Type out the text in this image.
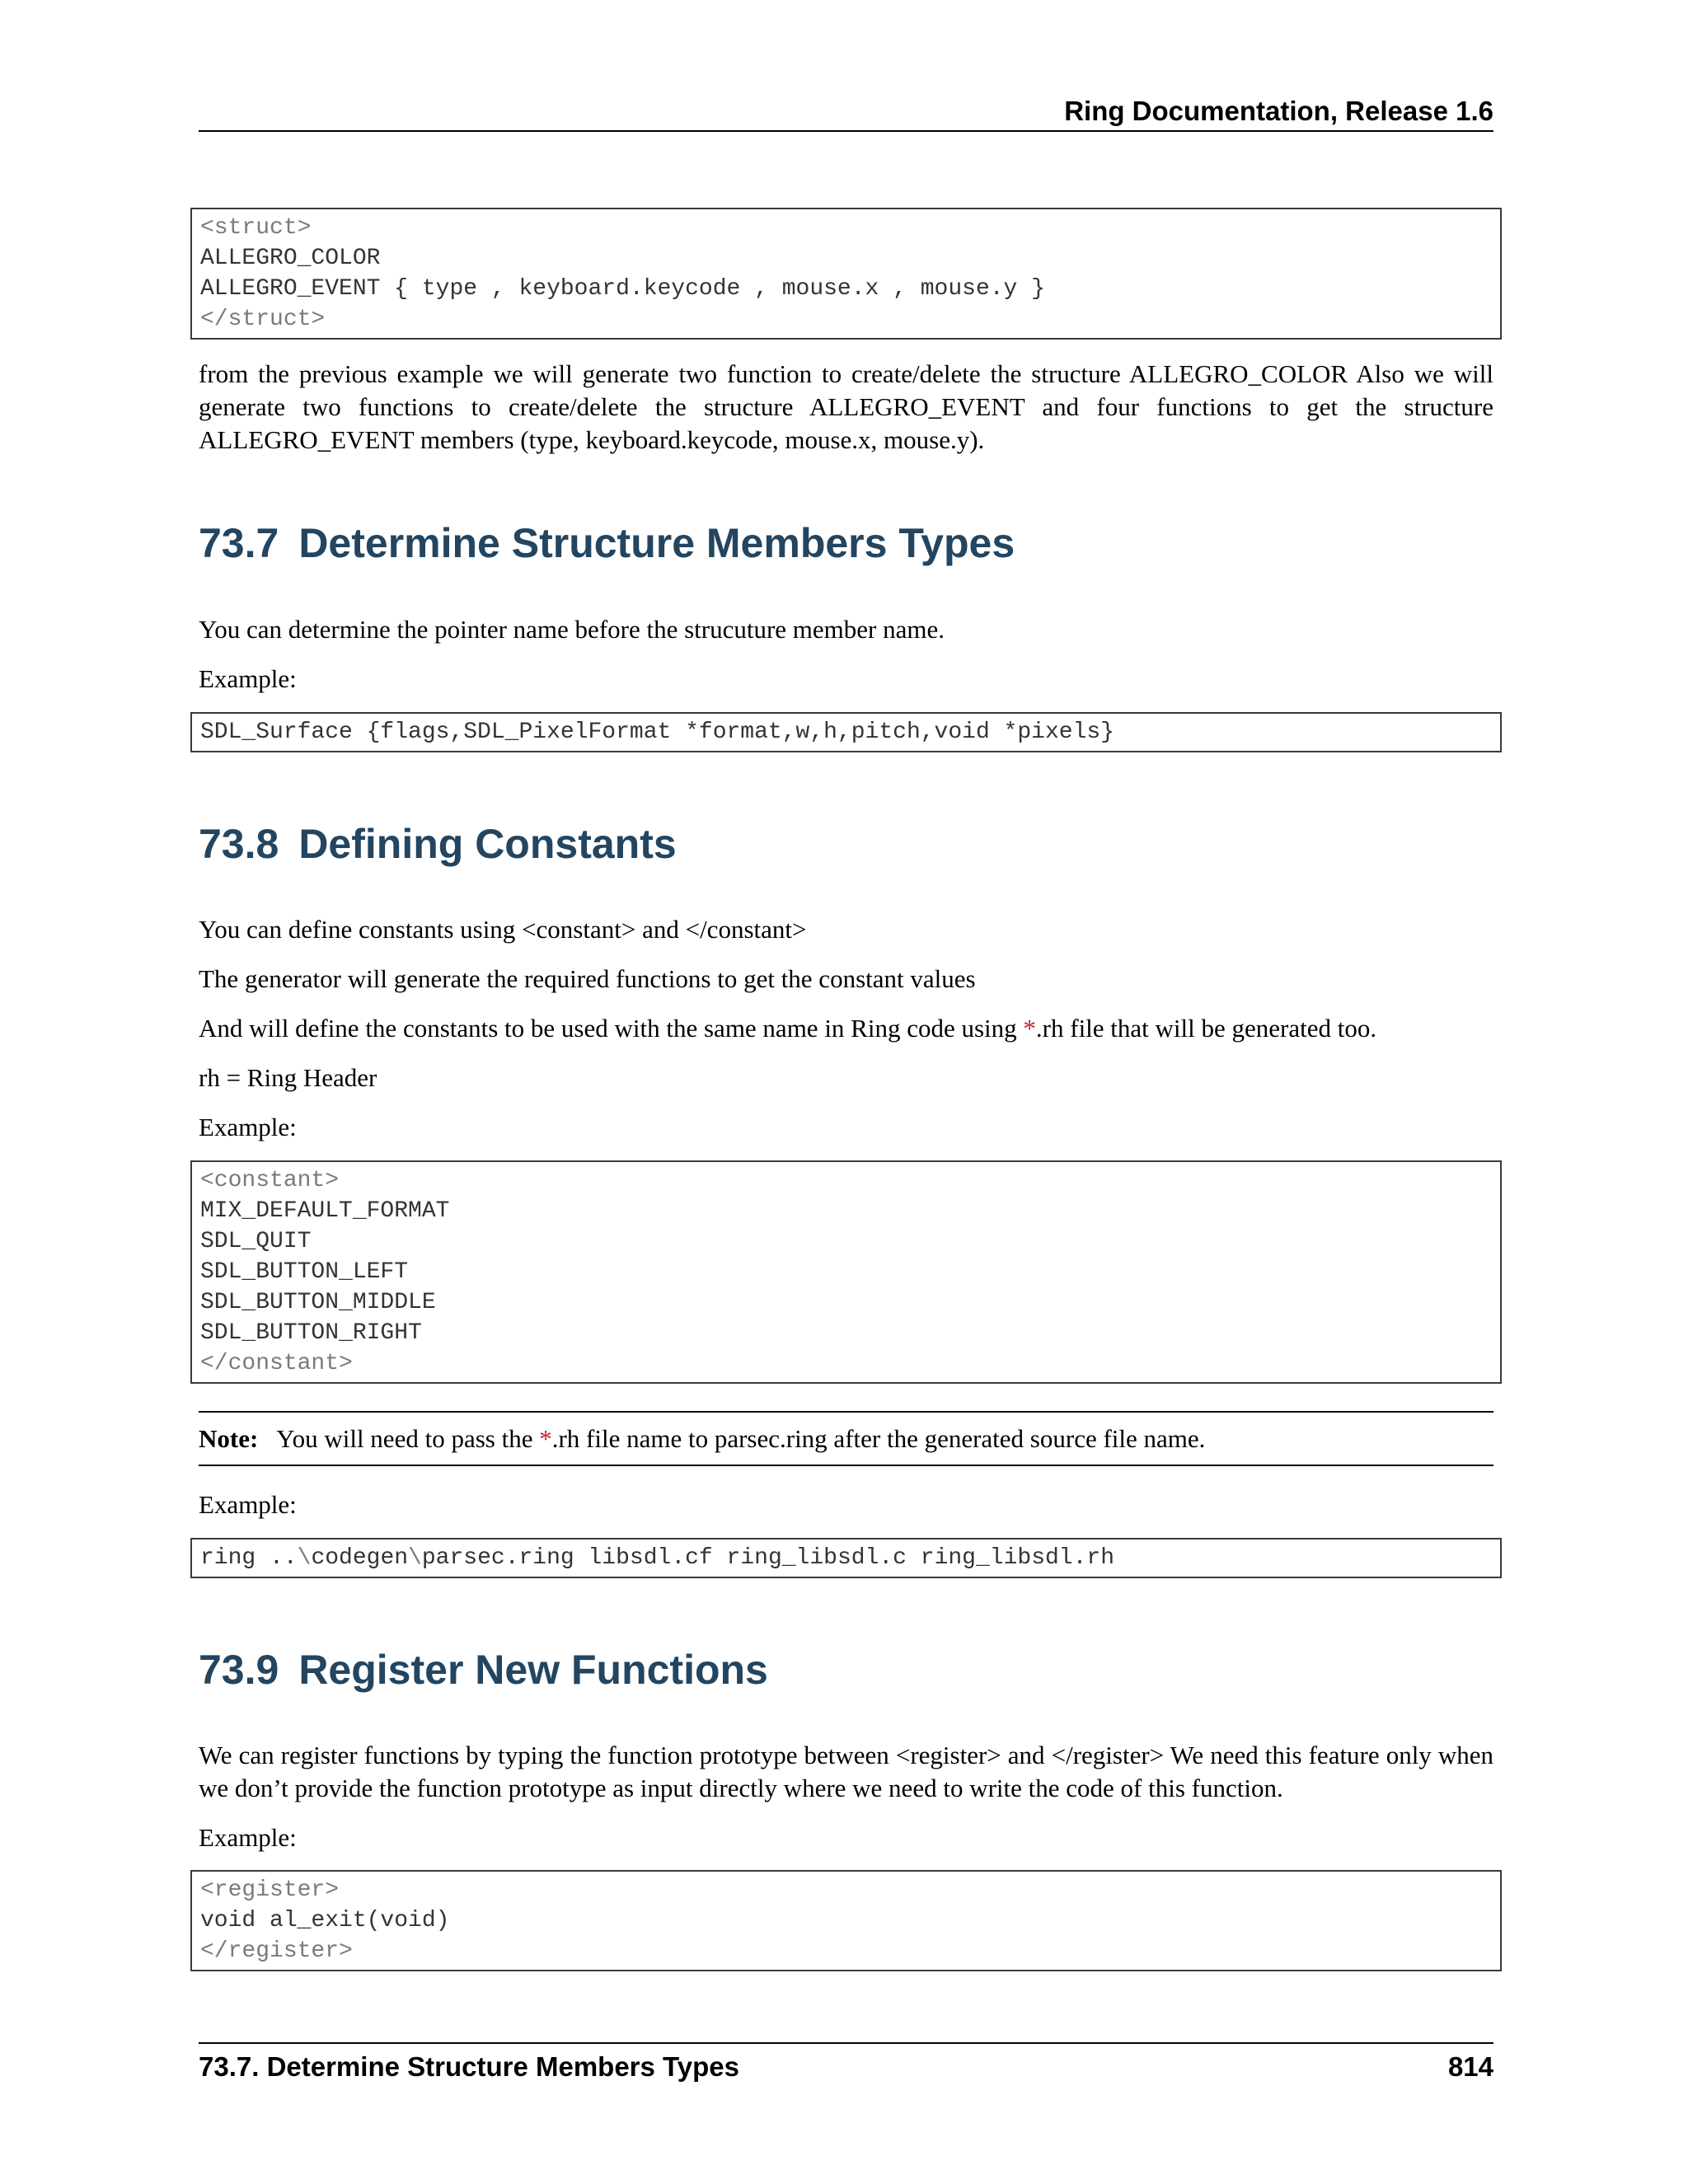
Ring Documentation, Release 1.6
<struct>
ALLEGRO_COLOR
ALLEGRO_EVENT { type , keyboard.keycode , mouse.x , mouse.y }
</struct>

from the previous example we will generate two function to create/delete the structure ALLEGRO_COLOR Also we will generate two functions to create/delete the structure ALLEGRO_EVENT and four functions to get the structure ALLEGRO_EVENT members (type, keyboard.keycode, mouse.x, mouse.y).

73.7 Determine Structure Members Types

You can determine the pointer name before the strucuture member name.

Example:

SDL_Surface {flags,SDL_PixelFormat *format,w,h,pitch,void *pixels}
73.8 Defining Constants

You can define constants using <constant> and </constant>

The generator will generate the required functions to get the constant values

And will define the constants to be used with the same name in Ring code using *.rh file that will be generated too.

rh = Ring Header

Example:

<constant>
MIX_DEFAULT_FORMAT
SDL_QUIT
SDL_BUTTON_LEFT
SDL_BUTTON_MIDDLE
SDL_BUTTON_RIGHT
</constant>
Note: You will need to pass the *.rh file name to parsec.ring after the generated source file name.

Example:

ring ..\codegen\parsec.ring libsdl.cf ring_libsdl.c ring_libsdl.rh
73.9 Register New Functions

We can register functions by typing the function prototype between <register> and </register> We need this feature only when we don’t provide the function prototype as input directly where we need to write the code of this function.

Example:

<register>
void al_exit(void)
</register>
73.7. Determine Structure Members Types	814
